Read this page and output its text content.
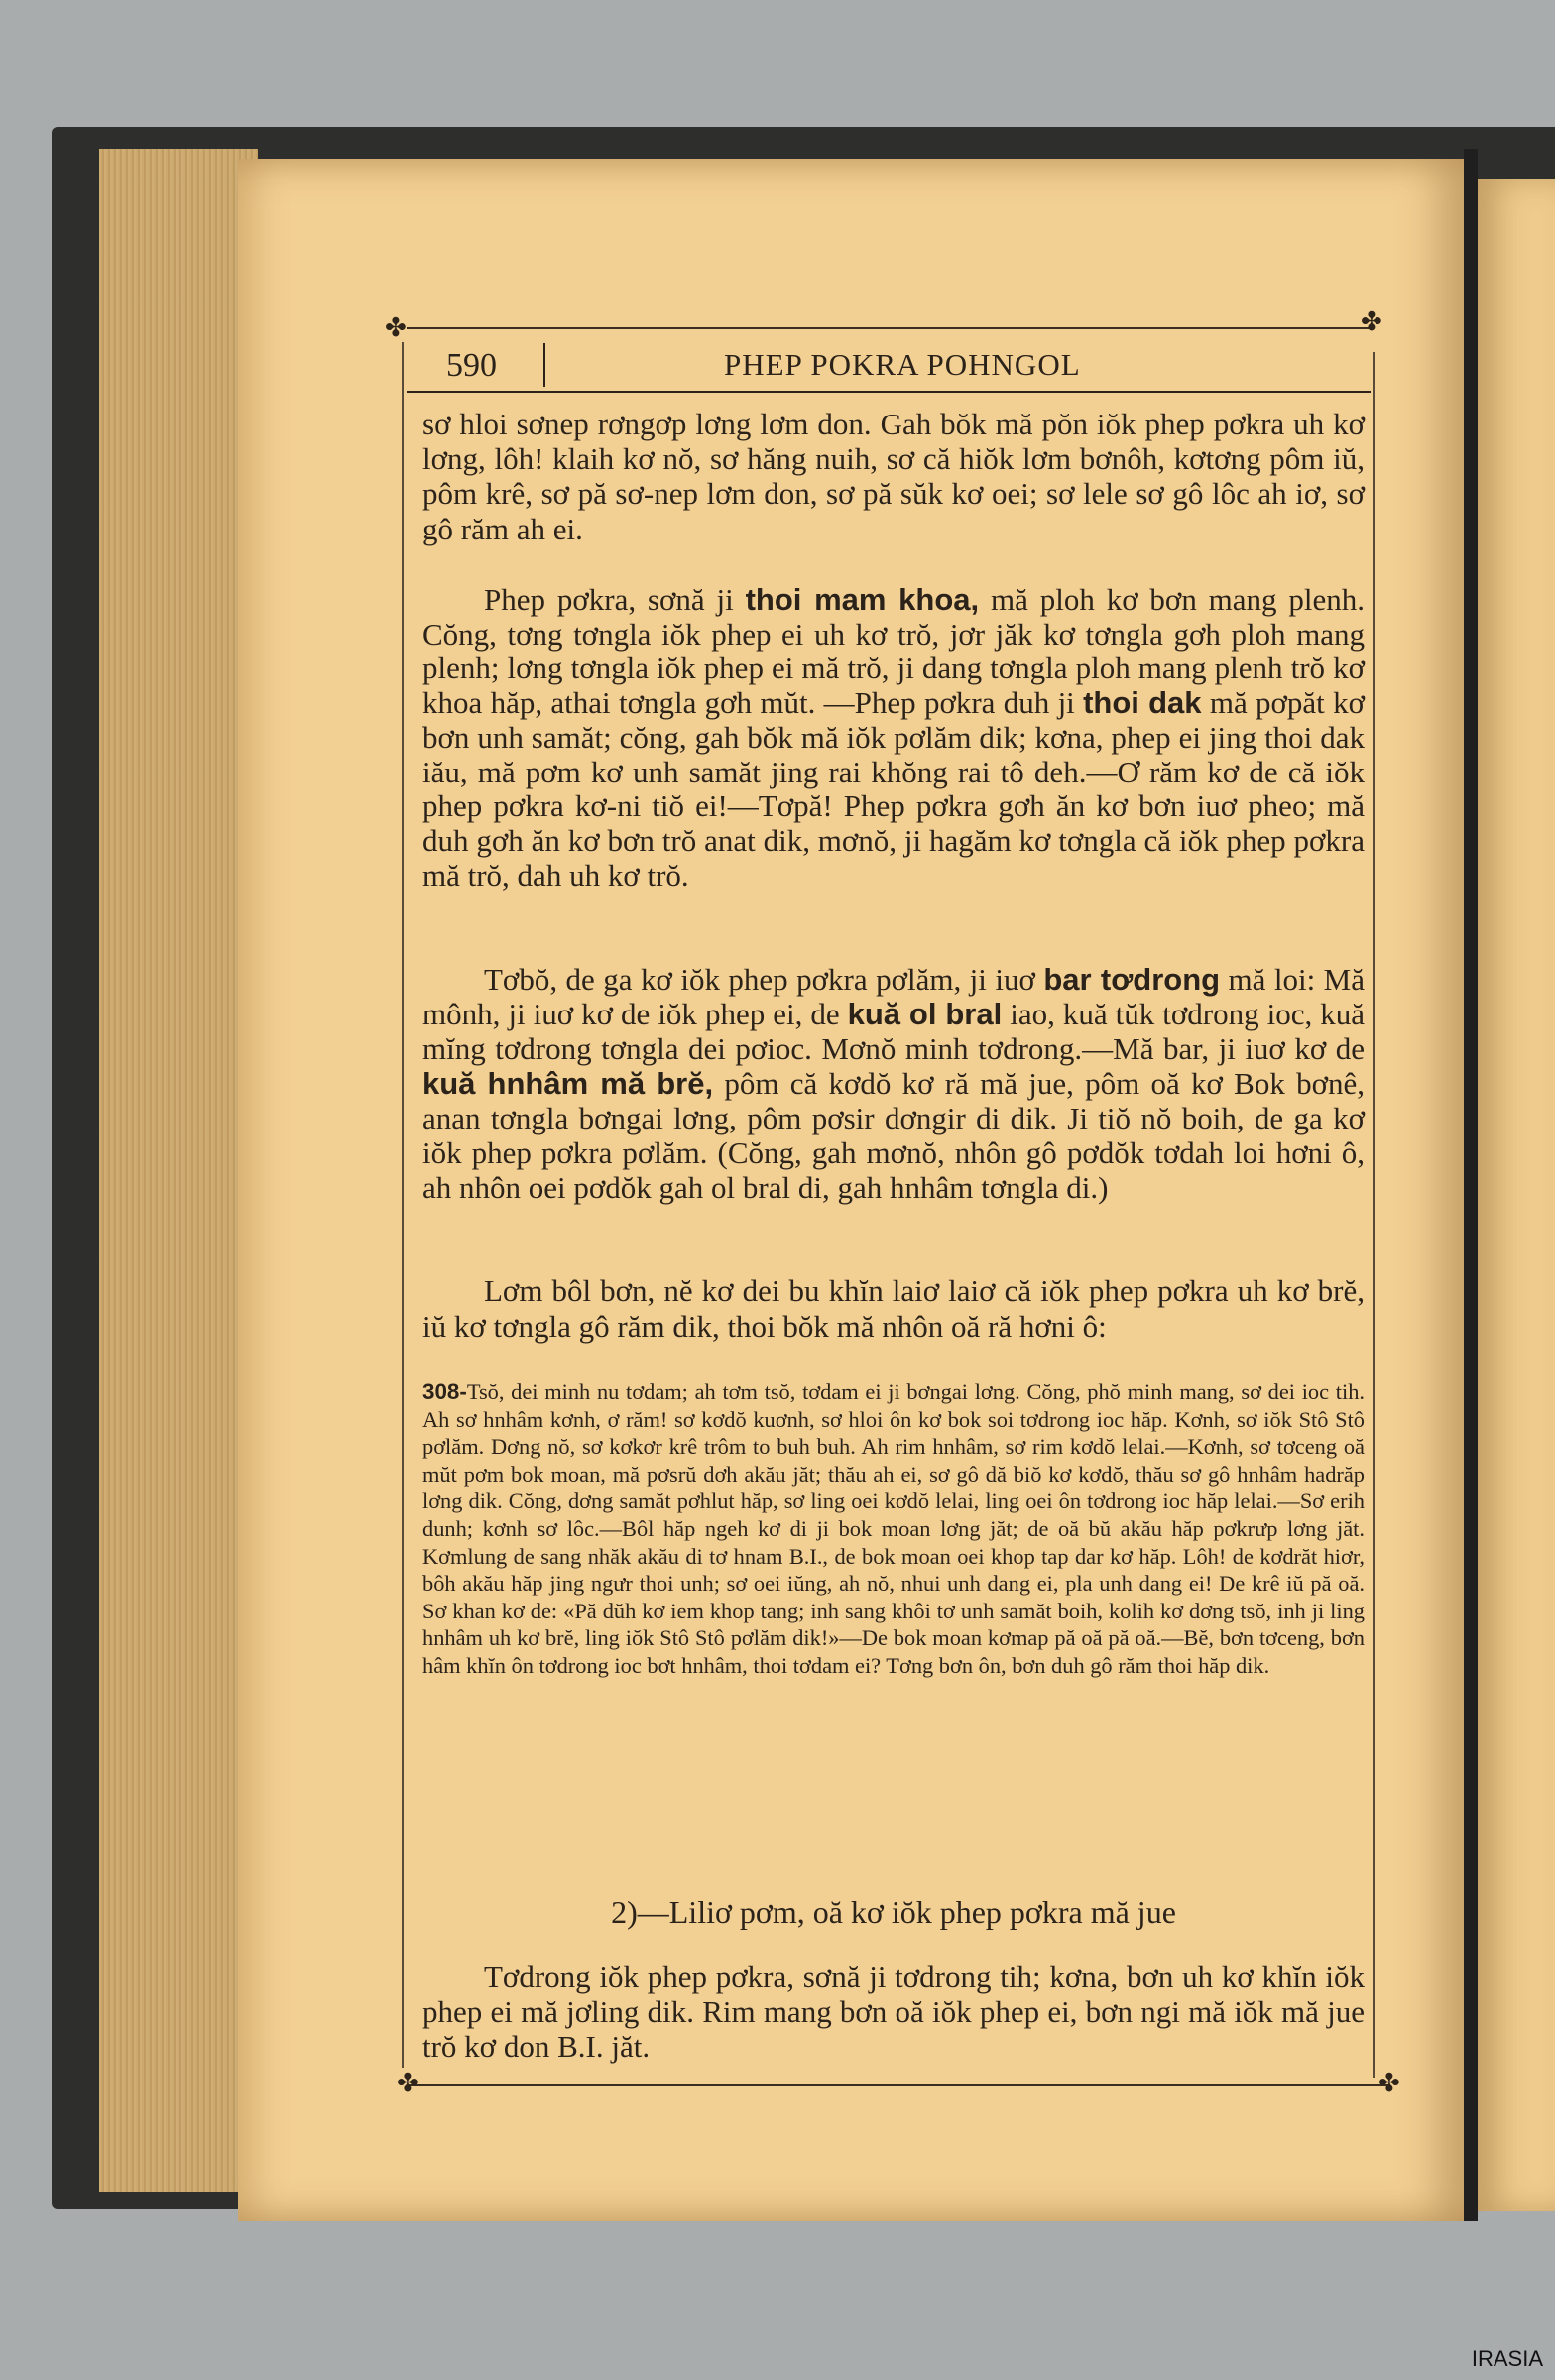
✤	✤
✤	✤
590	PHEP POKRA POHNGOL
sơ hloi sơnep rơngơp lơng lơm don. Gah bŏk mă pŏn iŏk phep pơkra uh kơ lơng, lôh! klaih kơ nŏ, sơ hăng nuih, sơ că hiŏk lơm bơnôh, kơtơng pôm iŭ, pôm krê, sơ pă sơ-nep lơm don, sơ pă sŭk kơ oei; sơ lele sơ gô lôc ah iơ, sơ gô răm ah ei.
Phep pơkra, sơnă ji thoi mam khoa, mă ploh kơ bơn mang plenh. Cŏng, tơng tơngla iŏk phep ei uh kơ trŏ, jơr jăk kơ tơngla gơh ploh mang plenh; lơng tơngla iŏk phep ei mă trŏ, ji dang tơngla ploh mang plenh trŏ kơ khoa hăp, athai tơngla gơh mŭt. —Phep pơkra duh ji thoi dak mă pơpăt kơ bơn unh samăt; cŏng, gah bŏk mă iŏk pơlăm dik; kơna, phep ei jing thoi dak iău, mă pơm kơ unh samăt jing rai khŏng rai tô deh.—Ơ răm kơ de că iŏk phep pơkra kơ-ni tiŏ ei!—Tơpă! Phep pơkra gơh ăn kơ bơn iuơ pheo; mă duh gơh ăn kơ bơn trŏ anat dik, mơnŏ, ji hagăm kơ tơngla că iŏk phep pơkra mă trŏ, dah uh kơ trŏ.
Tơbŏ, de ga kơ iŏk phep pơkra pơlăm, ji iuơ bar tơdrong mă loi: Mă mônh, ji iuơ kơ de iŏk phep ei, de kuă ol bral iao, kuă tŭk tơdrong ioc, kuă mĭng tơdrong tơngla dei pơioc. Mơnŏ minh tơdrong.—Mă bar, ji iuơ kơ de kuă hnhâm mă brĕ, pôm că kơdŏ kơ ră mă jue, pôm oă kơ Bok bơnê, anan tơngla bơngai lơng, pôm pơsir dơngir di dik. Ji tiŏ nŏ boih, de ga kơ iŏk phep pơkra pơlăm. (Cŏng, gah mơnŏ, nhôn gô pơdŏk tơdah loi hơni ô, ah nhôn oei pơdŏk gah ol bral di, gah hnhâm tơngla di.)
Lơm bôl bơn, nĕ kơ dei bu khĭn laiơ laiơ că iŏk phep pơkra uh kơ brĕ, iŭ kơ tơngla gô răm dik, thoi bŏk mă nhôn oă ră hơni ô:
308-Tsŏ, dei minh nu tơdam; ah tơm tsŏ, tơdam ei ji bơngai lơng. Cŏng, phŏ minh mang, sơ dei ioc tih. Ah sơ hnhâm kơnh, ơ răm! sơ kơdŏ kuơnh, sơ hloi ôn kơ bok soi tơdrong ioc hăp. Kơnh, sơ iŏk Stô Stô pơlăm. Dơng nŏ, sơ kơkơr krê trôm to buh buh. Ah rim hnhâm, sơ rim kơdŏ lelai.—Kơnh, sơ tơceng oă mŭt pơm bok moan, mă pơsrŭ dơh akău jăt; thău ah ei, sơ gô dă biŏ kơ kơdŏ, thău sơ gô hnhâm hadrăp lơng dik. Cŏng, dơng samăt pơhlut hăp, sơ ling oei kơdŏ lelai, ling oei ôn tơdrong ioc hăp lelai.—Sơ erih dunh; kơnh sơ lôc.—Bôl hăp ngeh kơ di ji bok moan lơng jăt; de oă bŭ akău hăp pơkrưp lơng jăt. Kơmlung de sang nhăk akău di tơ hnam B.I., de bok moan oei khop tap dar kơ hăp. Lôh! de kơdrăt hiơr, bôh akău hăp jing ngưr thoi unh; sơ oei iŭng, ah nŏ, nhui unh dang ei, pla unh dang ei! De krê iŭ pă oă. Sơ khan kơ de: «Pă dŭh kơ iem khop tang; inh sang khôi tơ unh samăt boih, kolih kơ dơng tsŏ, inh ji ling hnhâm uh kơ brĕ, ling iŏk Stô Stô pơlăm dik!»—De bok moan kơmap pă oă pă oă.—Bĕ, bơn tơceng, bơn hâm khĭn ôn tơdrong ioc bơt hnhâm, thoi tơdam ei? Tơng bơn ôn, bơn duh gô răm thoi hăp dik.
2)—Liliơ pơm, oă kơ iŏk phep pơkra mă jue
Tơdrong iŏk phep pơkra, sơnă ji tơdrong tih; kơna, bơn uh kơ khĭn iŏk phep ei mă jơling dik. Rim mang bơn oă iŏk phep ei, bơn ngi mă iŏk mă jue trŏ kơ don B.I. jăt.
IRASIA
